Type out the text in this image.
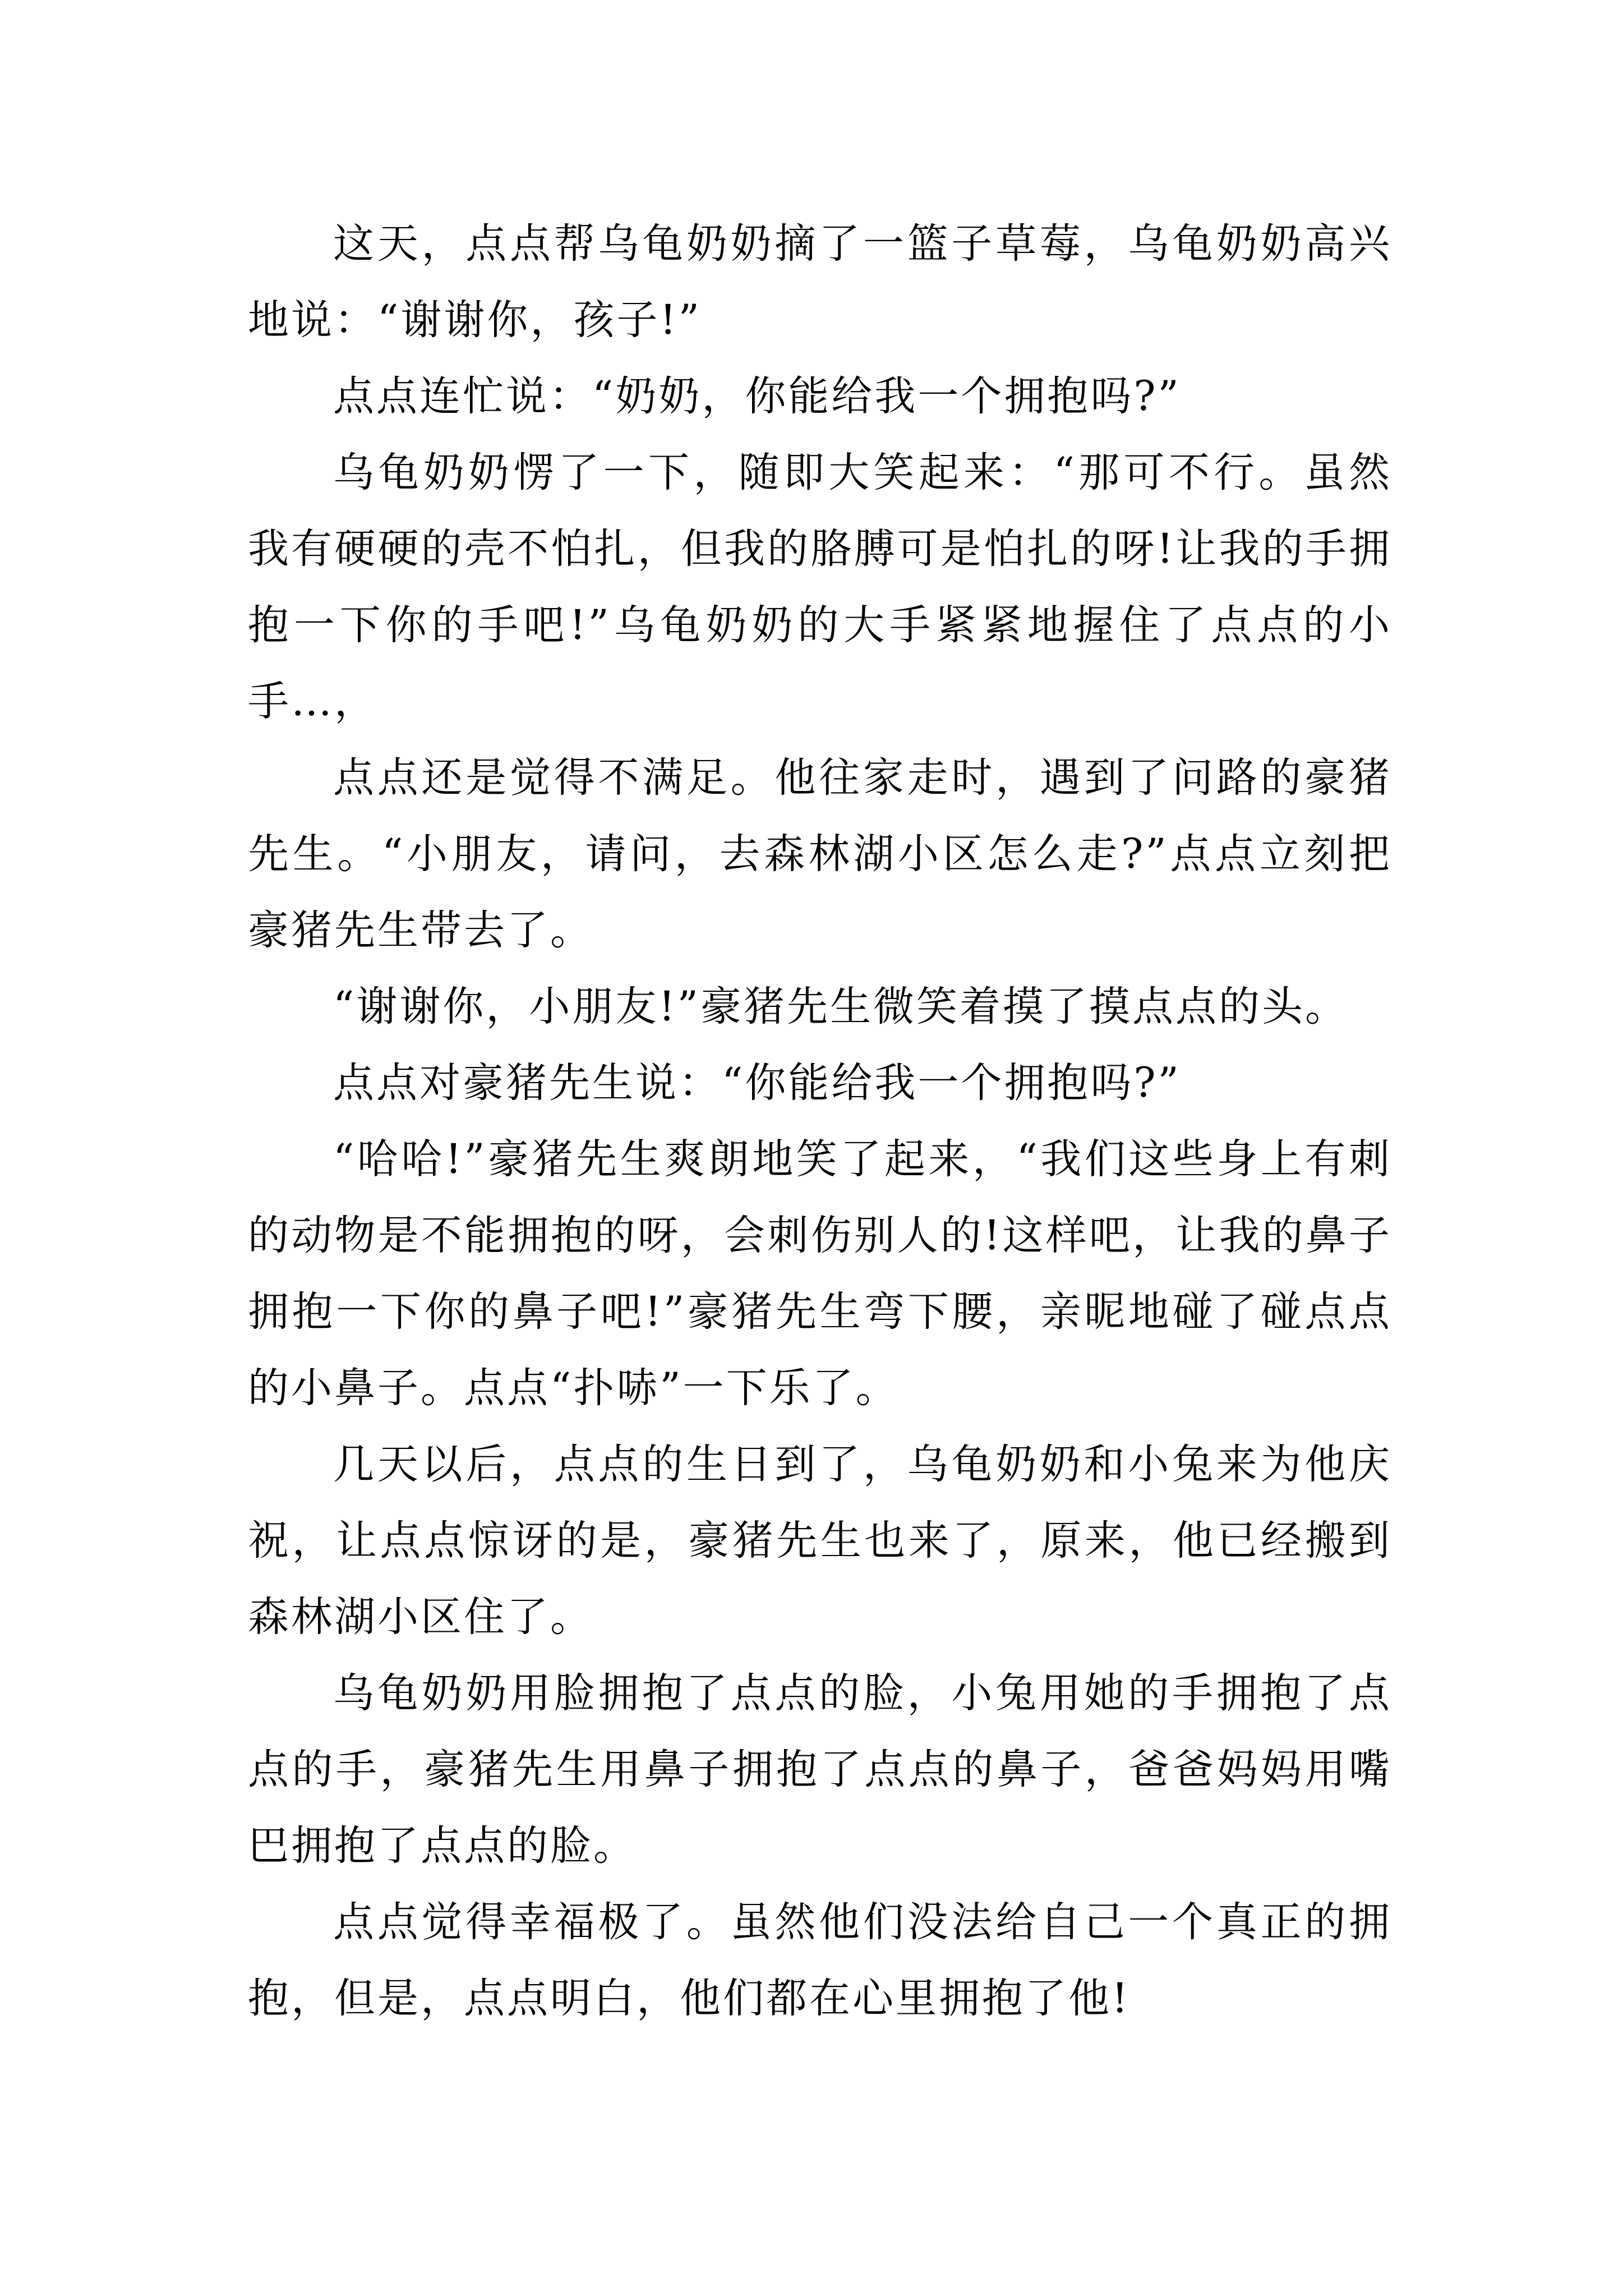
这天，点点帮乌龟奶奶摘了一篮子草莓，乌龟奶奶高兴地说：“谢谢你，孩子!”

点点连忙说：“奶奶，你能给我一个拥抱吗?”

乌龟奶奶愣了一下，随即大笑起来：“那可不行。虽然我有硬硬的壳不怕扎，但我的胳膊可是怕扎的呀!让我的手拥抱一下你的手吧!”乌龟奶奶的大手紧紧地握住了点点的小手…，

点点还是觉得不满足。他往家走时，遇到了问路的豪猪先生。“小朋友，请问，去森林湖小区怎么走?”点点立刻把豪猪先生带去了。

“谢谢你，小朋友!”豪猪先生微笑着摸了摸点点的头。

点点对豪猪先生说：“你能给我一个拥抱吗?”

“哈哈!”豪猪先生爽朗地笑了起来，“我们这些身上有刺的动物是不能拥抱的呀，会刺伤别人的!这样吧，让我的鼻子拥抱一下你的鼻子吧!”豪猪先生弯下腰，亲昵地碰了碰点点的小鼻子。点点“扑哧”一下乐了。

几天以后，点点的生日到了，乌龟奶奶和小兔来为他庆祝，让点点惊讶的是，豪猪先生也来了，原来，他已经搬到森林湖小区住了。

乌龟奶奶用脸拥抱了点点的脸，小兔用她的手拥抱了点点的手，豪猪先生用鼻子拥抱了点点的鼻子，爸爸妈妈用嘴巴拥抱了点点的脸。

点点觉得幸福极了。虽然他们没法给自己一个真正的拥抱，但是，点点明白，他们都在心里拥抱了他!
